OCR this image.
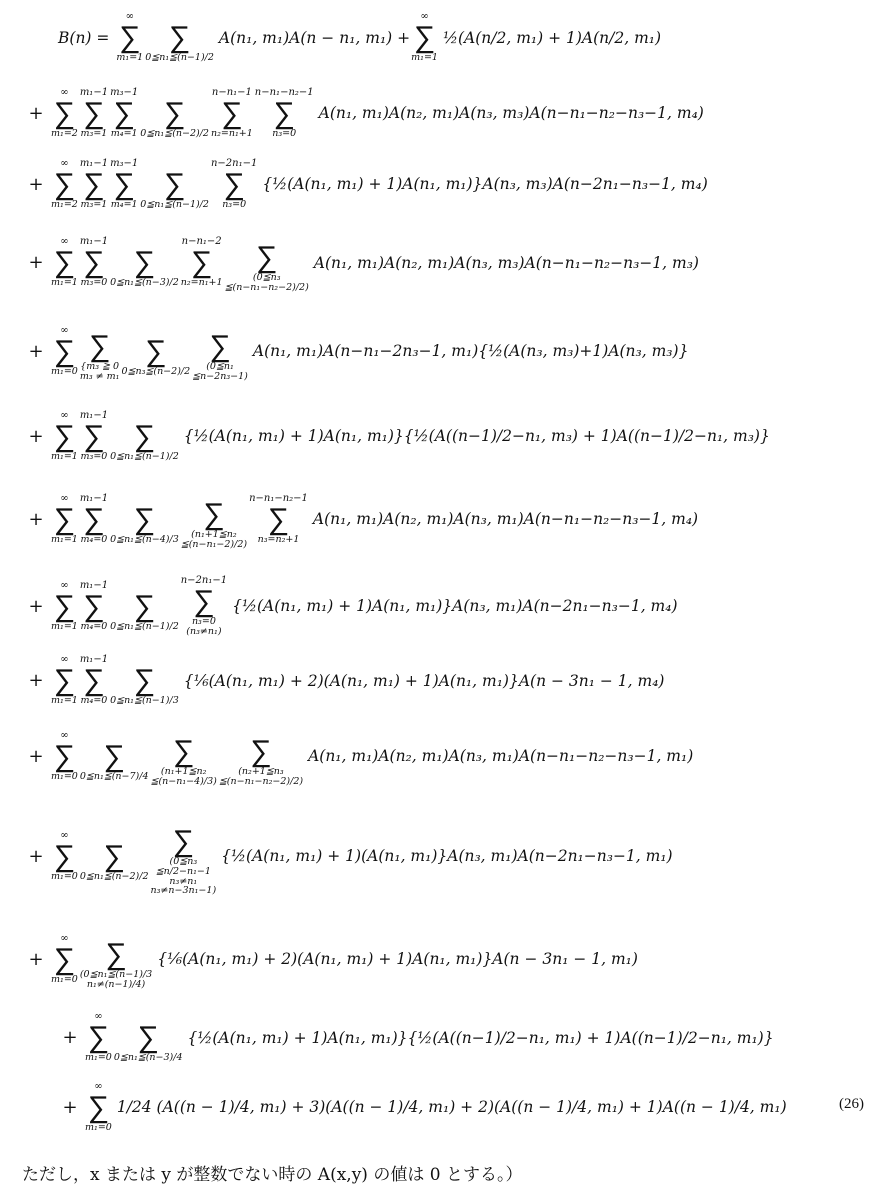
B(n) =
∞
∑
m₁=1
∑
0≦n₁≦(n−1)/2
A(n₁, m₁)A(n − n₁, m₁) +
∞
∑
m₁=1
½(A(n/2, m₁) + 1)A(n/2, m₁)
+
∞
∑
m₁=2
m₁−1
∑
m₃=1
m₃−1
∑
m₄=1
∑
0≦n₁≦(n−2)/2
n−n₁−1
∑
n₂=n₁+1
n−n₁−n₂−1
∑
n₃=0
A(n₁, m₁)A(n₂, m₁)A(n₃, m₃)A(n−n₁−n₂−n₃−1, m₄)
+
∞
∑
m₁=2
m₁−1
∑
m₃=1
m₃−1
∑
m₄=1
∑
0≦n₁≦(n−1)/2
n−2n₁−1
∑
n₃=0
{½(A(n₁, m₁) + 1)A(n₁, m₁)}A(n₃, m₃)A(n−2n₁−n₃−1, m₄)
+
∞
∑
m₁=1
m₁−1
∑
m₃=0
∑
0≦n₁≦(n−3)/2
n−n₁−2
∑
n₂=n₁+1
∑
(0≦n₃
≦(n−n₁−n₂−2)/2)
A(n₁, m₁)A(n₂, m₁)A(n₃, m₃)A(n−n₁−n₂−n₃−1, m₃)
+
∞
∑
m₁=0
∑
{m₃ ≧ 0
m₃ ≠ m₁
∑
0≦n₃≦(n−2)/2
∑
(0≦n₁
≦n−2n₃−1)
A(n₁, m₁)A(n−n₁−2n₃−1, m₁){½(A(n₃, m₃)+1)A(n₃, m₃)}
+
∞
∑
m₁=1
m₁−1
∑
m₃=0
∑
0≦n₁≦(n−1)/2
{½(A(n₁, m₁) + 1)A(n₁, m₁)}{½(A((n−1)/2−n₁, m₃) + 1)A((n−1)/2−n₁, m₃)}
+
∞
∑
m₁=1
m₁−1
∑
m₄=0
∑
0≦n₁≦(n−4)/3
∑
(n₁+1≦n₂
≦(n−n₁−2)/2)
n−n₁−n₂−1
∑
n₃=n₂+1
A(n₁, m₁)A(n₂, m₁)A(n₃, m₁)A(n−n₁−n₂−n₃−1, m₄)
+
∞
∑
m₁=1
m₁−1
∑
m₄=0
∑
0≦n₁≦(n−1)/2
n−2n₁−1
∑
n₃=0
(n₃≠n₁)
{½(A(n₁, m₁) + 1)A(n₁, m₁)}A(n₃, m₁)A(n−2n₁−n₃−1, m₄)
+
∞
∑
m₁=1
m₁−1
∑
m₄=0
∑
0≦n₁≦(n−1)/3
{⅙(A(n₁, m₁) + 2)(A(n₁, m₁) + 1)A(n₁, m₁)}A(n − 3n₁ − 1, m₄)
+
∞
∑
m₁=0
∑
0≦n₁≦(n−7)/4
∑
(n₁+1≦n₂
≦(n−n₁−4)/3)
∑
(n₂+1≦n₃
≦(n−n₁−n₂−2)/2)
A(n₁, m₁)A(n₂, m₁)A(n₃, m₁)A(n−n₁−n₂−n₃−1, m₁)
+
∞
∑
m₁=0
∑
0≦n₁≦(n−2)/2
∑
(0≦n₃
≦n/2−n₁−1
n₃≠n₁
n₃≠n−3n₁−1)
{½(A(n₁, m₁) + 1)(A(n₁, m₁)}A(n₃, m₁)A(n−2n₁−n₃−1, m₁)
+
∞
∑
m₁=0
∑
(0≦n₁≦(n−1)/3
n₁≠(n−1)/4)
{⅙(A(n₁, m₁) + 2)(A(n₁, m₁) + 1)A(n₁, m₁)}A(n − 3n₁ − 1, m₁)
+
∞
∑
m₁=0
∑
0≦n₁≦(n−3)/4
{½(A(n₁, m₁) + 1)A(n₁, m₁)}{½(A((n−1)/2−n₁, m₁) + 1)A((n−1)/2−n₁, m₁)}
+
∞
∑
m₁=0
1/24 (A((n − 1)/4, m₁) + 3)(A((n − 1)/4, m₁) + 2)(A((n − 1)/4, m₁) + 1)A((n − 1)/4, m₁)	(26)
ただし，x または y が整数でない時の A(x,y) の値は 0 とする。）
